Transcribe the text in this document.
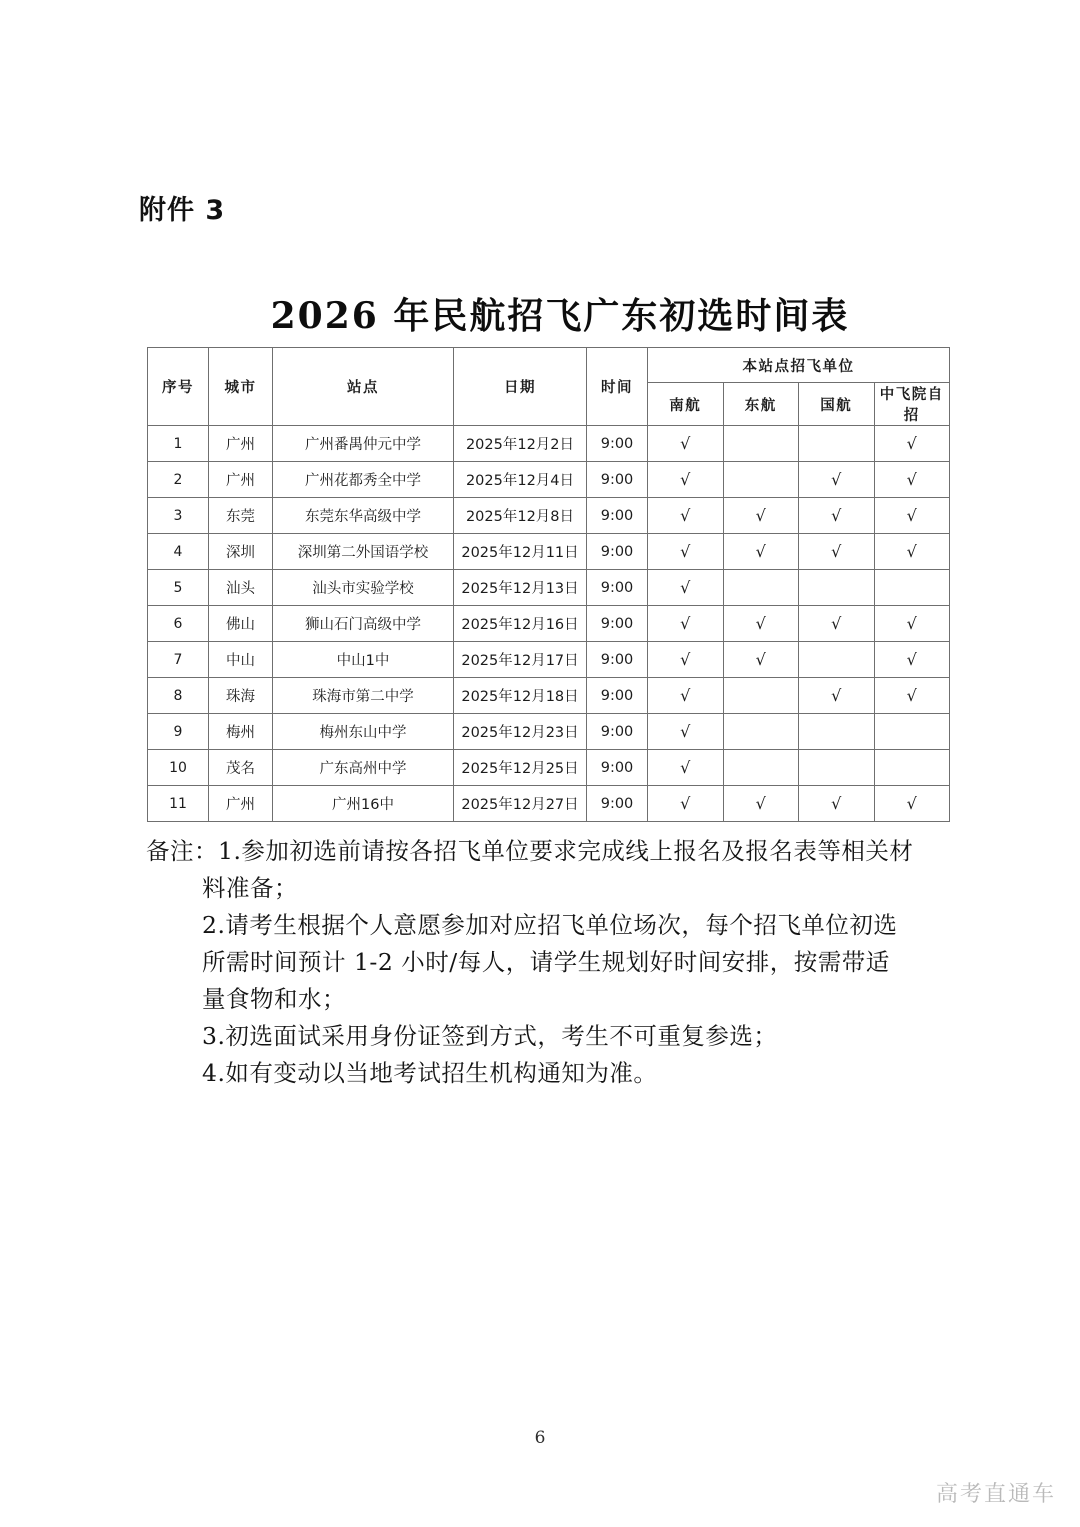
附件 3
2026 年民航招飞广东初选时间表
序号	城市	站点	日期	时间	本站点招飞单位			
					南航	东航	国航	中飞院自招
1	广州	广州番禺仲元中学	2025年12月2日	9:00	√			√
2	广州	广州花都秀全中学	2025年12月4日	9:00	√		√	√
3	东莞	东莞东华高级中学	2025年12月8日	9:00	√	√	√	√
4	深圳	深圳第二外国语学校	2025年12月11日	9:00	√	√	√	√
5	汕头	汕头市实验学校	2025年12月13日	9:00	√			
6	佛山	狮山石门高级中学	2025年12月16日	9:00	√	√	√	√
7	中山	中山1中	2025年12月17日	9:00	√	√		√
8	珠海	珠海市第二中学	2025年12月18日	9:00	√		√	√
9	梅州	梅州东山中学	2025年12月23日	9:00	√			
10	茂名	广东高州中学	2025年12月25日	9:00	√			
11	广州	广州16中	2025年12月27日	9:00	√	√	√	√
备注：1.参加初选前请按各招飞单位要求完成线上报名及报名表等相关材
料准备；
2.请考生根据个人意愿参加对应招飞单位场次，每个招飞单位初选
所需时间预计 1-2 小时/每人，请学生规划好时间安排，按需带适
量食物和水；
3.初选面试采用身份证签到方式，考生不可重复参选；
4.如有变动以当地考试招生机构通知为准。
6
高考直通车
